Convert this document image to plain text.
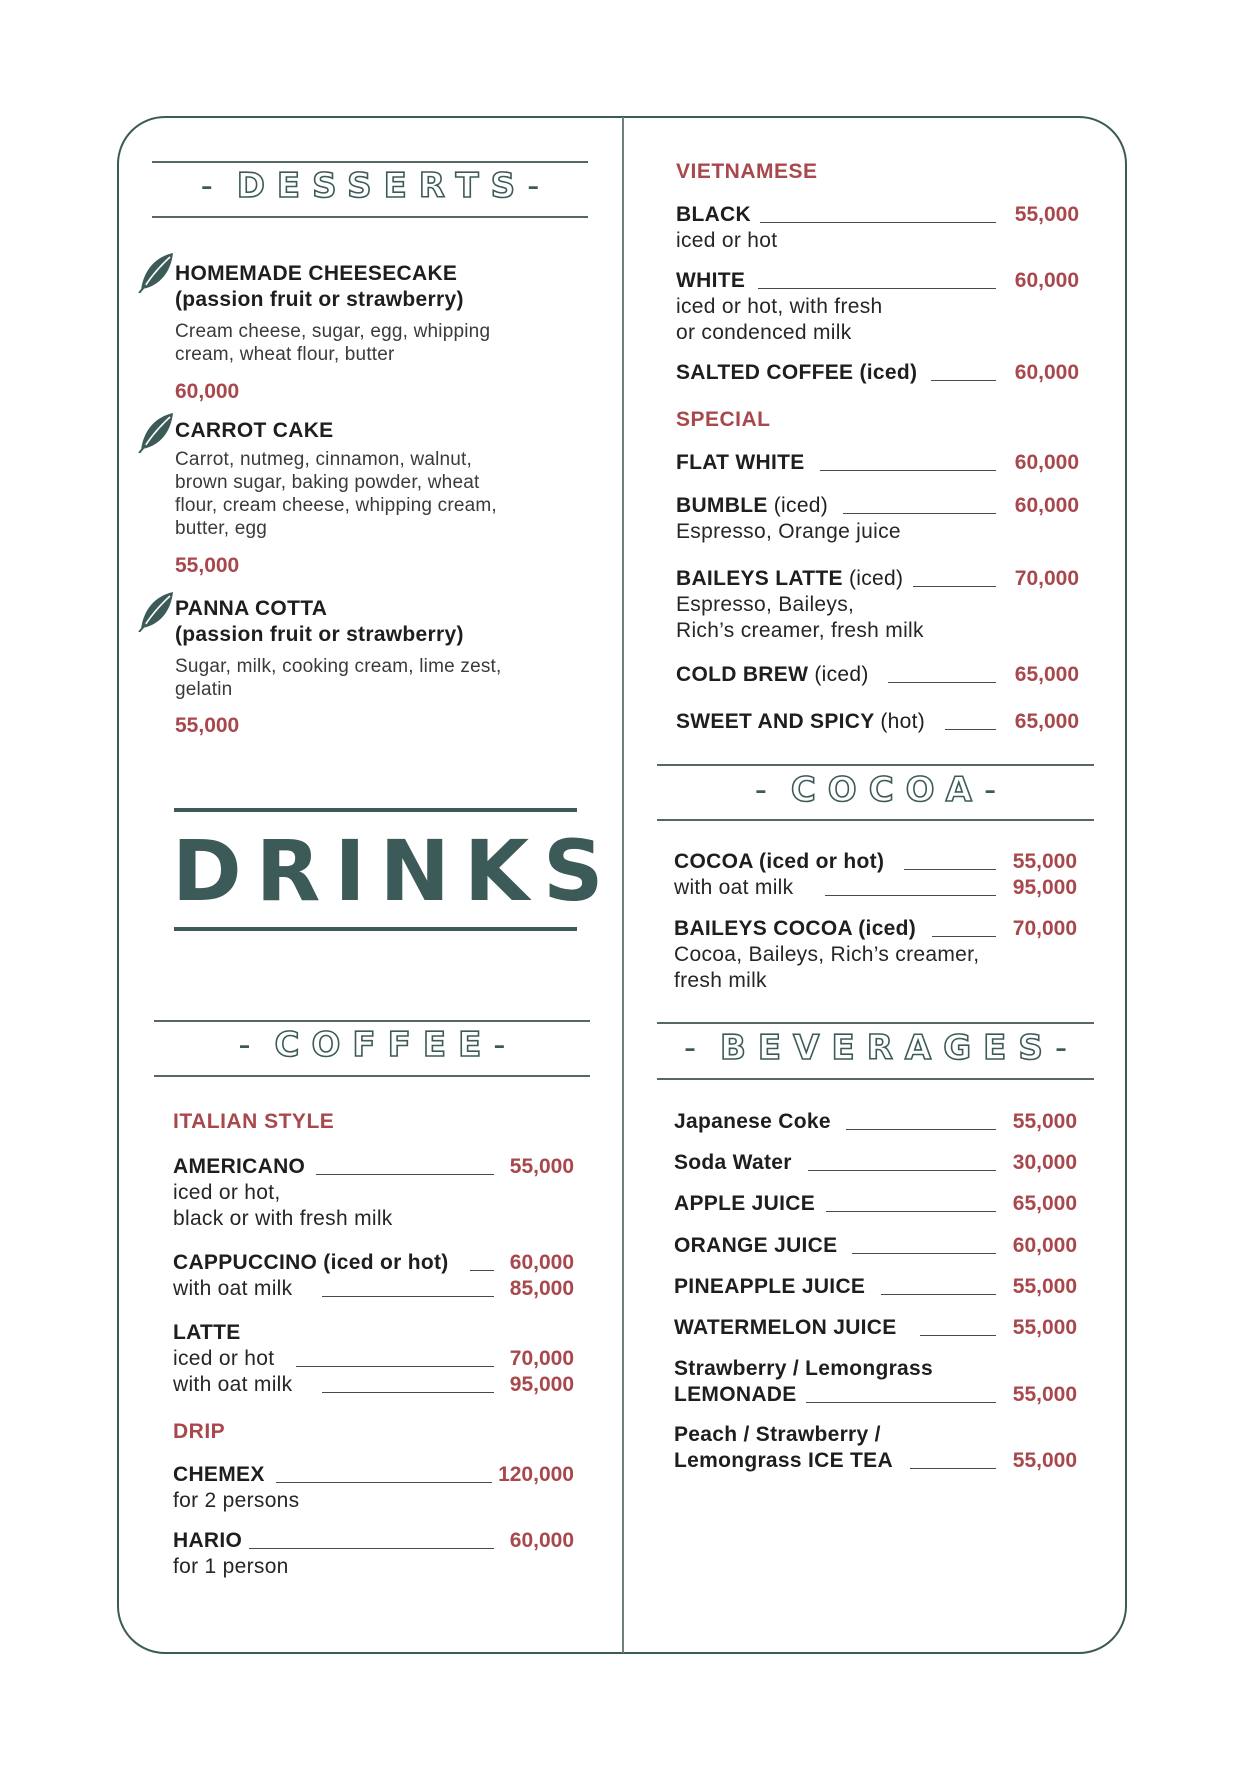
- DESSERTS-
HOMEMADE CHEESECAKE
(passion fruit or strawberry)
Cream cheese, sugar, egg, whipping
cream, wheat flour, butter
60,000
CARROT CAKE
Carrot, nutmeg, cinnamon, walnut,
brown sugar, baking powder, wheat
flour, cream cheese, whipping cream,
butter, egg
55,000
PANNA COTTA
(passion fruit or strawberry)
Sugar, milk, cooking cream, lime zest,
gelatin
55,000
DRINKS
- COFFEE-
ITALIAN STYLE
AMERICANO	55,000
iced or hot,
black or with fresh milk
CAPPUCCINO (iced or hot)	60,000
with oat milk	85,000
LATTE
iced or hot	70,000
with oat milk	95,000
DRIP
CHEMEX	120,000
for 2 persons
HARIO	60,000
for 1 person
VIETNAMESE
BLACK	55,000
iced or hot
WHITE	60,000
iced or hot, with fresh
or condenced milk
SALTED COFFEE (iced)	60,000
SPECIAL
FLAT WHITE	60,000
BUMBLE (iced)	60,000
Espresso, Orange juice
BAILEYS LATTE (iced)	70,000
Espresso, Baileys,
Rich’s creamer, fresh milk
COLD BREW (iced)	65,000
SWEET AND SPICY (hot)	65,000
- COCOA-
COCOA (iced or hot)	55,000
with oat milk	95,000
BAILEYS COCOA (iced)	70,000
Cocoa, Baileys, Rich’s creamer,
fresh milk
- BEVERAGES-
Japanese Coke	55,000
Soda Water	30,000
APPLE JUICE	65,000
ORANGE JUICE	60,000
PINEAPPLE JUICE	55,000
WATERMELON JUICE	55,000
Strawberry / Lemongrass
LEMONADE	55,000
Peach / Strawberry /
Lemongrass ICE TEA	55,000
